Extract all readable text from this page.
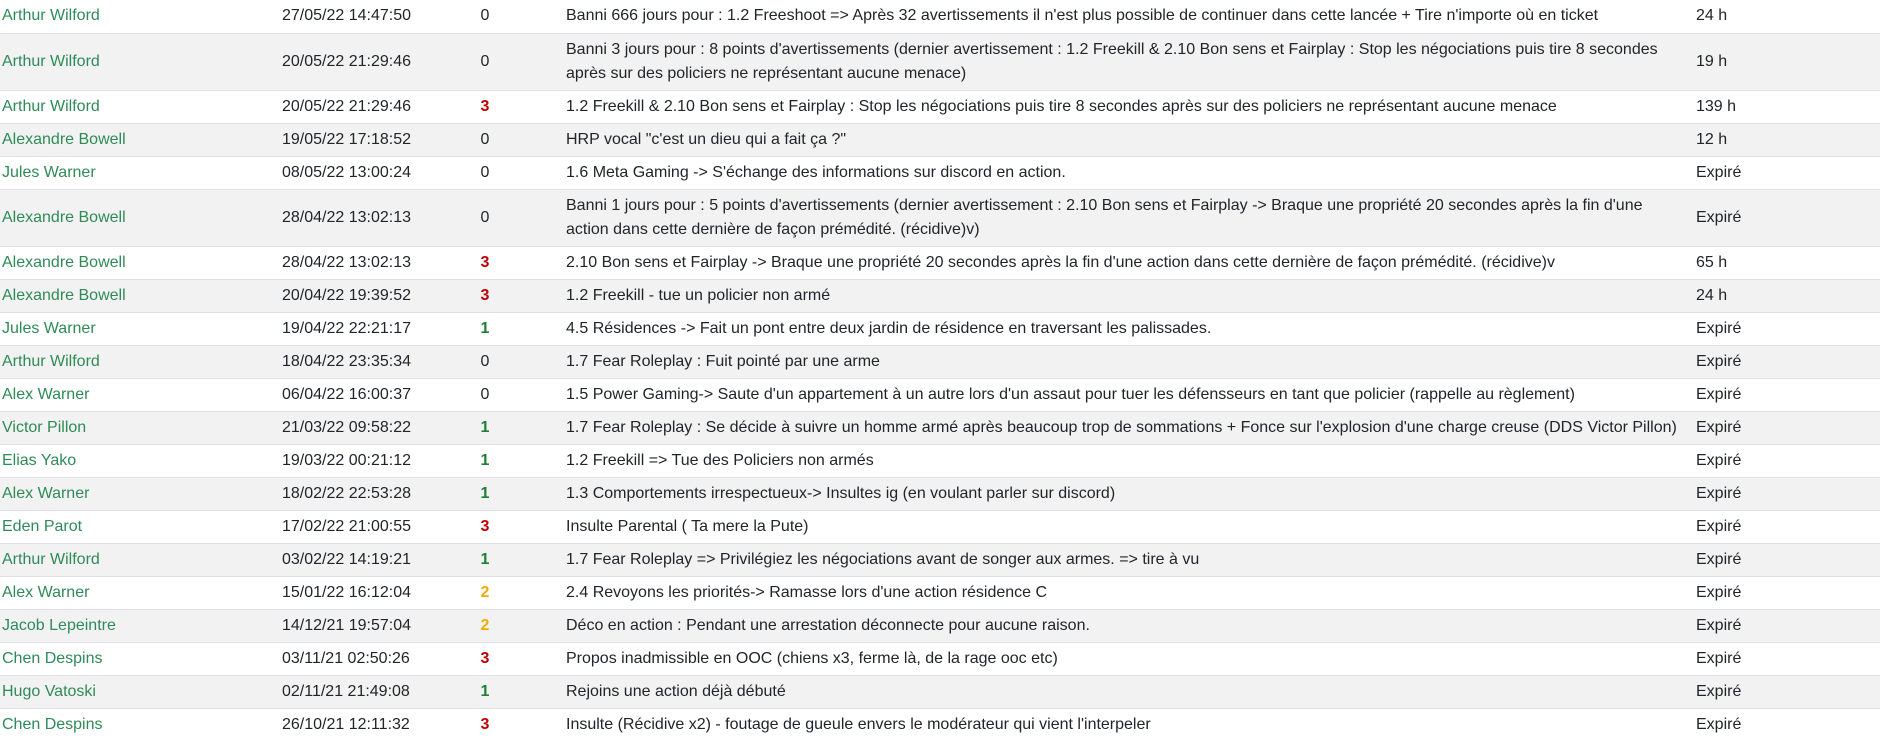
Arthur Wilford	27/05/22 14:47:50	0	Banni 666 jours pour : 1.2 Freeshoot => Après 32 avertissements il n'est plus possible de continuer dans cette lancée + Tire n'importe où en ticket	24 h
Arthur Wilford	20/05/22 21:29:46	0	Banni 3 jours pour : 8 points d'avertissements (dernier avertissement : 1.2 Freekill & 2.10 Bon sens et Fairplay : Stop les négociations puis tire 8 secondes après sur des policiers ne représentant aucune menace)	19 h
Arthur Wilford	20/05/22 21:29:46	3	1.2 Freekill & 2.10 Bon sens et Fairplay : Stop les négociations puis tire 8 secondes après sur des policiers ne représentant aucune menace	139 h
Alexandre Bowell	19/05/22 17:18:52	0	HRP vocal "c'est un dieu qui a fait ça ?"	12 h
Jules Warner	08/05/22 13:00:24	0	1.6 Meta Gaming -> S'échange des informations sur discord en action.	Expiré
Alexandre Bowell	28/04/22 13:02:13	0	Banni 1 jours pour : 5 points d'avertissements (dernier avertissement : 2.10 Bon sens et Fairplay -> Braque une propriété 20 secondes après la fin d'une action dans cette dernière de façon prémédité. (récidive)v)	Expiré
Alexandre Bowell	28/04/22 13:02:13	3	2.10 Bon sens et Fairplay -> Braque une propriété 20 secondes après la fin d'une action dans cette dernière de façon prémédité. (récidive)v	65 h
Alexandre Bowell	20/04/22 19:39:52	3	1.2 Freekill - tue un policier non armé	24 h
Jules Warner	19/04/22 22:21:17	1	4.5 Résidences -> Fait un pont entre deux jardin de résidence en traversant les palissades.	Expiré
Arthur Wilford	18/04/22 23:35:34	0	1.7 Fear Roleplay : Fuit pointé par une arme	Expiré
Alex Warner	06/04/22 16:00:37	0	1.5 Power Gaming-> Saute d'un appartement à un autre lors d'un assaut pour tuer les défensseurs en tant que policier (rappelle au règlement)	Expiré
Victor Pillon	21/03/22 09:58:22	1	1.7 Fear Roleplay : Se décide à suivre un homme armé après beaucoup trop de sommations + Fonce sur l'explosion d'une charge creuse (DDS Victor Pillon)	Expiré
Elias Yako	19/03/22 00:21:12	1	1.2 Freekill => Tue des Policiers non armés	Expiré
Alex Warner	18/02/22 22:53:28	1	1.3 Comportements irrespectueux-> Insultes ig (en voulant parler sur discord)	Expiré
Eden Parot	17/02/22 21:00:55	3	Insulte Parental ( Ta mere la Pute)	Expiré
Arthur Wilford	03/02/22 14:19:21	1	1.7 Fear Roleplay => Privilégiez les négociations avant de songer aux armes. => tire à vu	Expiré
Alex Warner	15/01/22 16:12:04	2	2.4 Revoyons les priorités-> Ramasse lors d'une action résidence C	Expiré
Jacob Lepeintre	14/12/21 19:57:04	2	Déco en action : Pendant une arrestation déconnecte pour aucune raison.	Expiré
Chen Despins	03/11/21 02:50:26	3	Propos inadmissible en OOC (chiens x3, ferme là, de la rage ooc etc)	Expiré
Hugo Vatoski	02/11/21 21:49:08	1	Rejoins une action déjà débuté	Expiré
Chen Despins	26/10/21 12:11:32	3	Insulte (Récidive x2) - foutage de gueule envers le modérateur qui vient l'interpeler	Expiré
